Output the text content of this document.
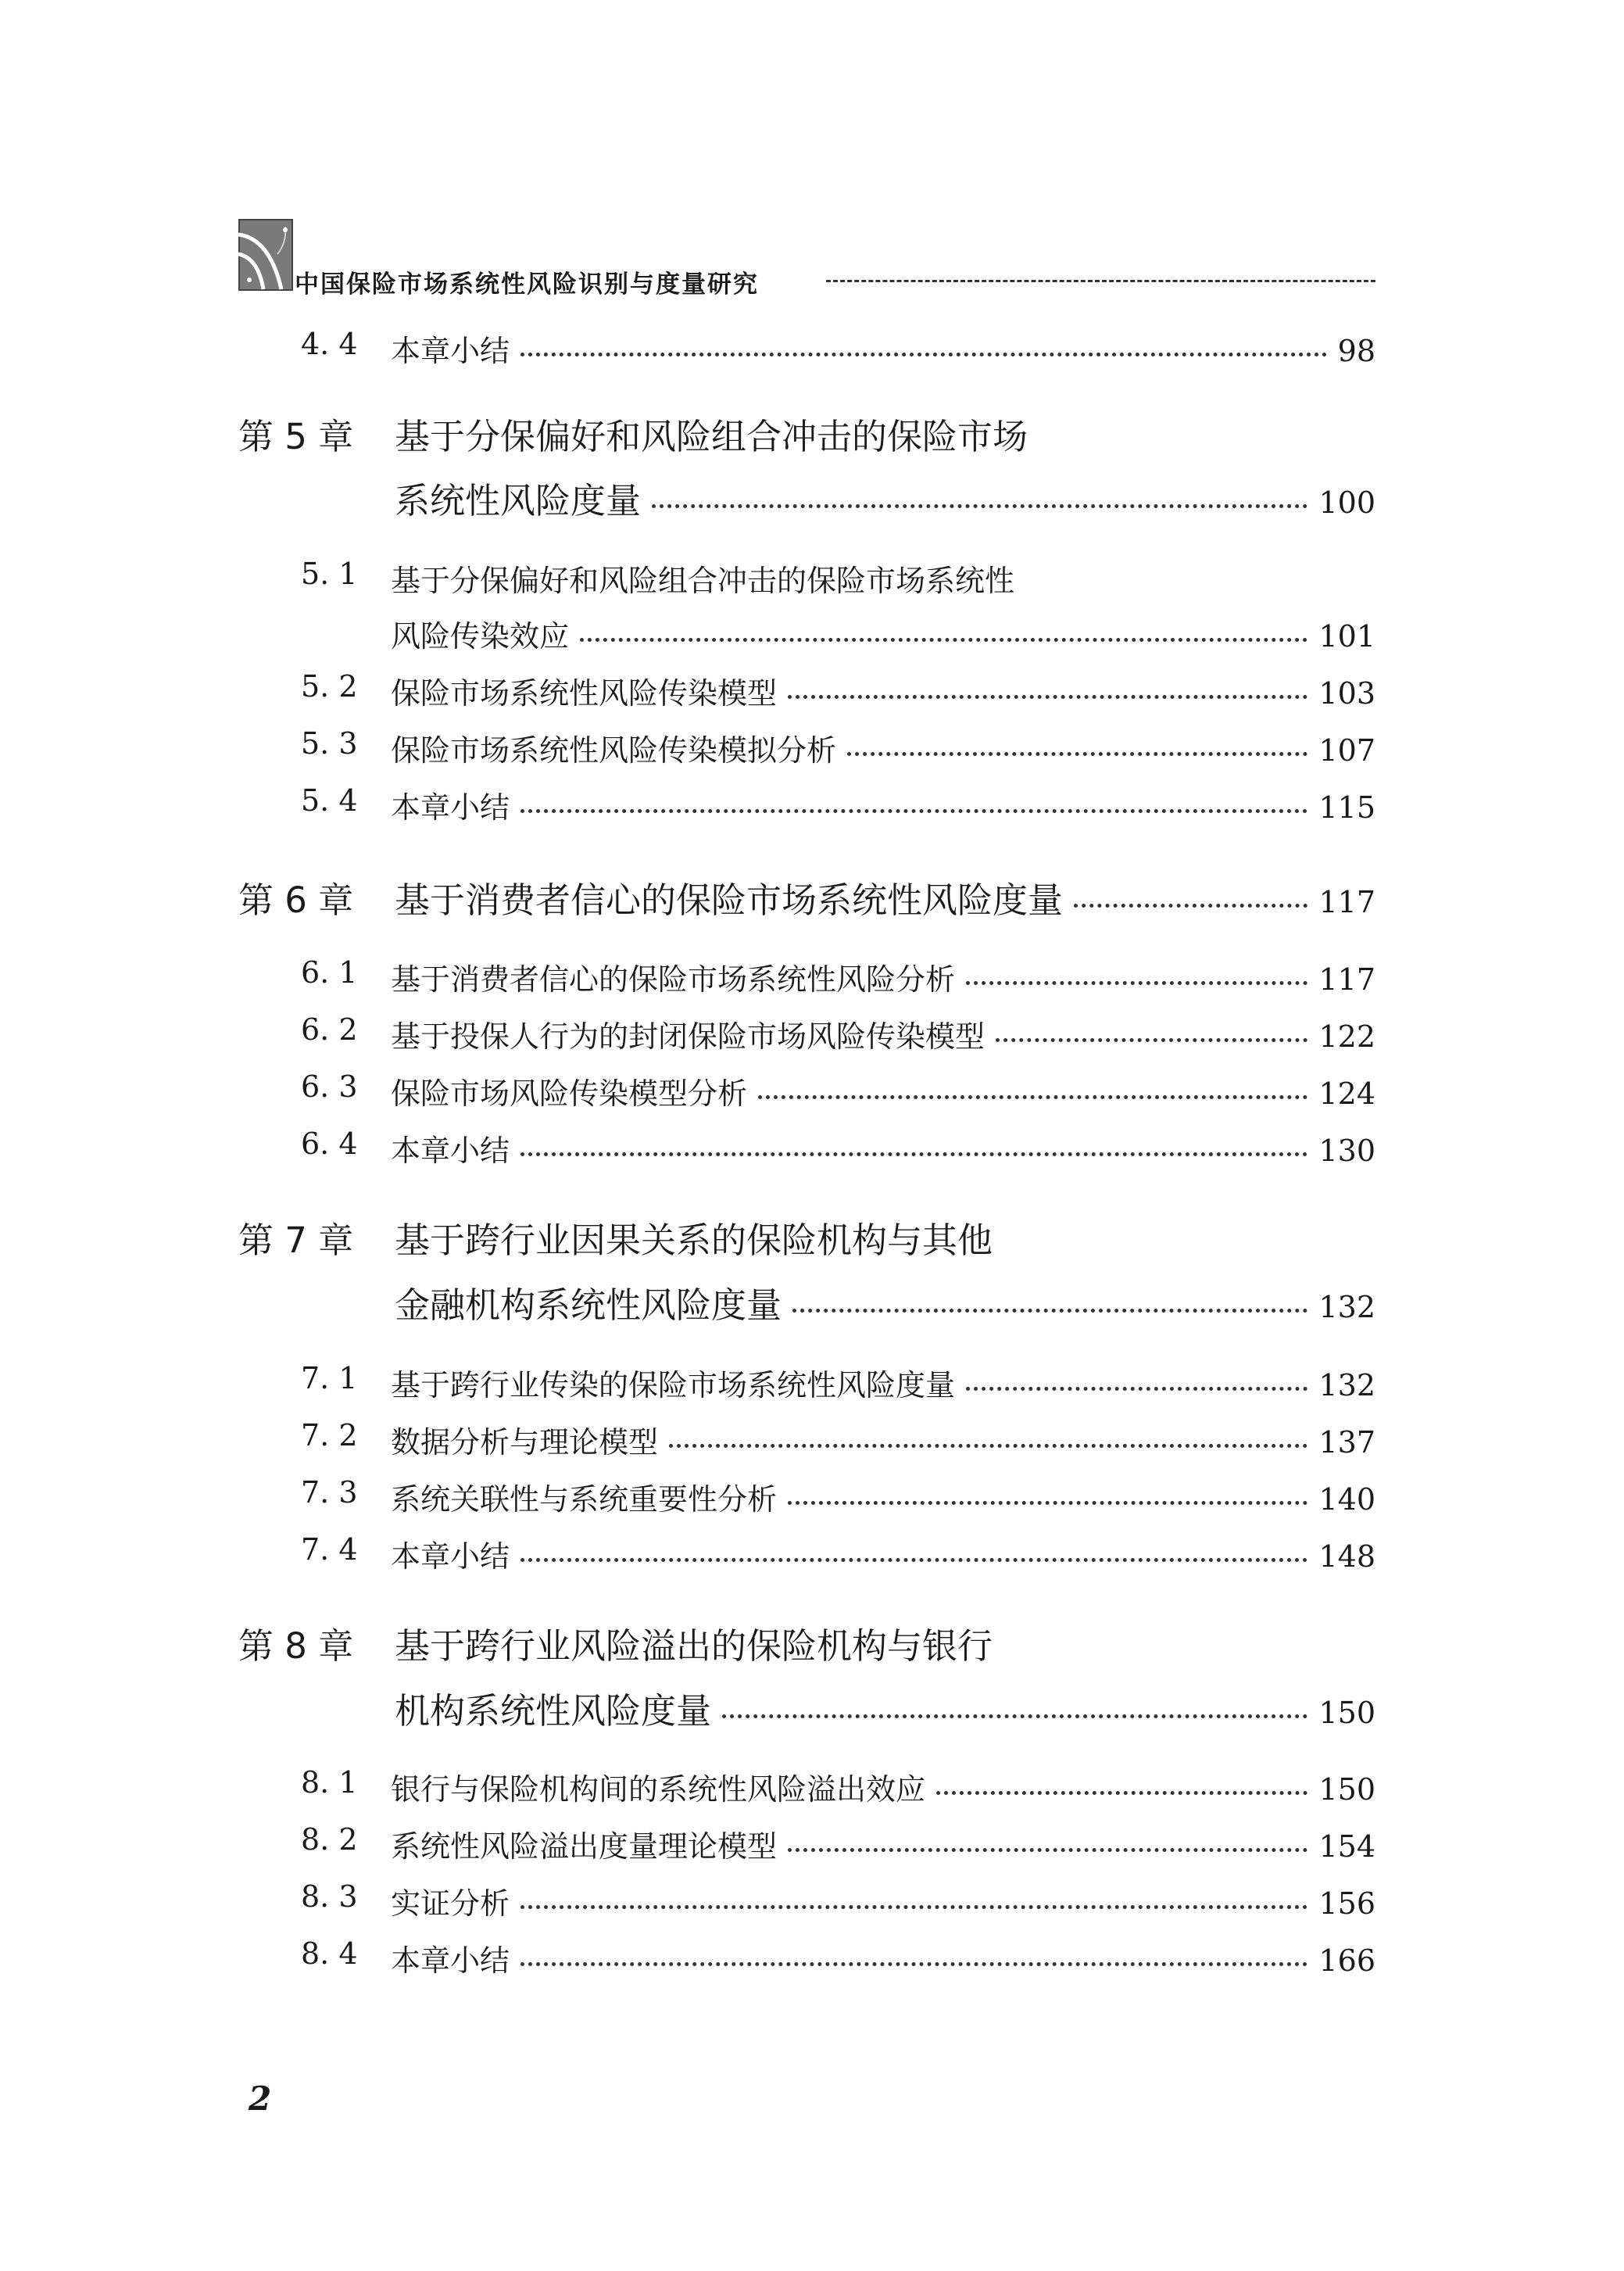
中国保险市场系统性风险识别与度量研究
4. 4 本章小结	98
第 5 章 基于分保偏好和风险组合冲击的保险市场
系统性风险度量	100
5. 1 基于分保偏好和风险组合冲击的保险市场系统性
风险传染效应	101
5. 2 保险市场系统性风险传染模型	103
5. 3 保险市场系统性风险传染模拟分析	107
5. 4 本章小结	115
第 6 章 基于消费者信心的保险市场系统性风险度量	117
6. 1 基于消费者信心的保险市场系统性风险分析	117
6. 2 基于投保人行为的封闭保险市场风险传染模型	122
6. 3 保险市场风险传染模型分析	124
6. 4 本章小结	130
第 7 章 基于跨行业因果关系的保险机构与其他
金融机构系统性风险度量	132
7. 1 基于跨行业传染的保险市场系统性风险度量	132
7. 2 数据分析与理论模型	137
7. 3 系统关联性与系统重要性分析	140
7. 4 本章小结	148
第 8 章 基于跨行业风险溢出的保险机构与银行
机构系统性风险度量	150
8. 1 银行与保险机构间的系统性风险溢出效应	150
8. 2 系统性风险溢出度量理论模型	154
8. 3 实证分析	156
8. 4 本章小结	166
2
